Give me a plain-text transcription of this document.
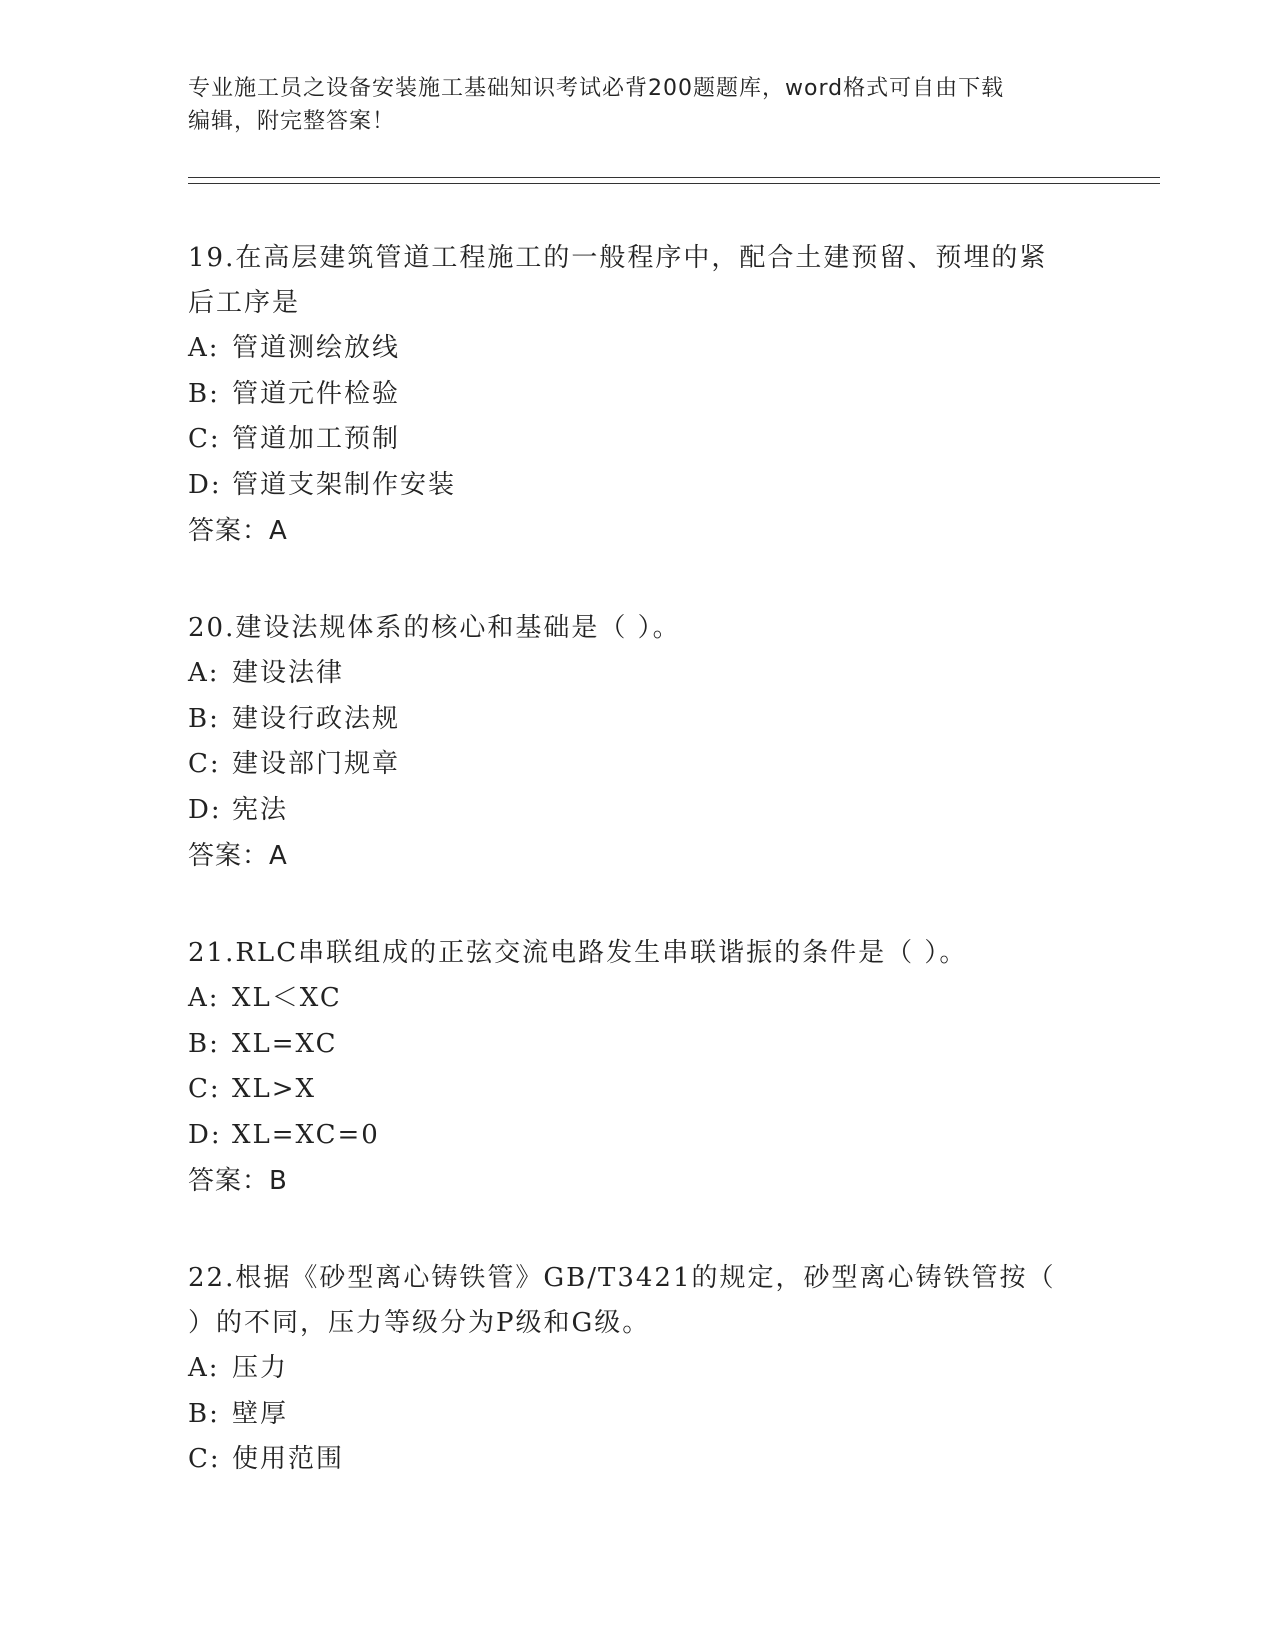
专业施工员之设备安装施工基础知识考试必背200题题库，word格式可自由下载
编辑，附完整答案！
19.在高层建筑管道工程施工的一般程序中，配合土建预留、预埋的紧
后工序是
A: 管道测绘放线
B: 管道元件检验
C: 管道加工预制
D: 管道支架制作安装
答案：A
20.建设法规体系的核心和基础是（ ）。
A: 建设法律
B: 建设行政法规
C: 建设部门规章
D: 宪法
答案：A
21.RLC串联组成的正弦交流电路发生串联谐振的条件是（ ）。
A: XL＜XC
B: XL=XC
C: XL>X
D: XL=XC=0
答案：B
22.根据《砂型离心铸铁管》GB/T3421的规定，砂型离心铸铁管按（
）的不同，压力等级分为P级和G级。
A: 压力
B: 壁厚
C: 使用范围
